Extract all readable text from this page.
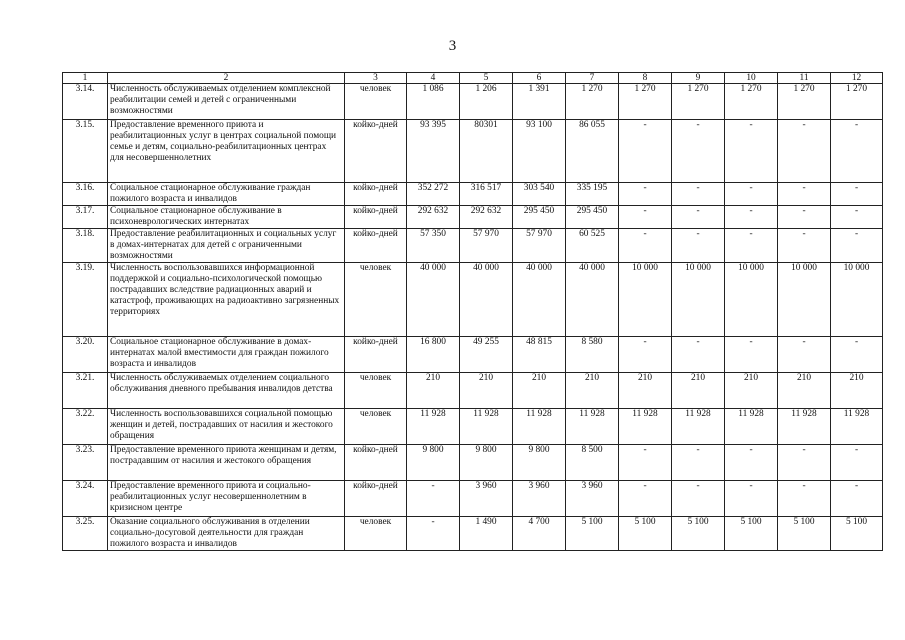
3
1	2	3	4	5	6	7	8	9	10	11	12
3.14.	Численность обслуживаемых отделением комплексной реабилитации семей и детей с ограниченными возможностями	человек	1 086	1 206	1 391	1 270	1 270	1 270	1 270	1 270	1 270
3.15.	Предоставление временного приюта и реабилитационных услуг в центрах социальной помощи семье и детям, социально-реабилитационных центрах для несовершеннолетних	койко-дней	93 395	80301	93 100	86 055	-	-	-	-	-
3.16.	Социальное стационарное обслуживание граждан пожилого возраста и инвалидов	койко-дней	352 272	316 517	303 540	335 195	-	-	-	-	-
3.17.	Социальное стационарное обслуживание в психоневрологических интернатах	койко-дней	292 632	292 632	295 450	295 450	-	-	-	-	-
3.18.	Предоставление реабилитационных и социальных услуг в домах-интернатах для детей с ограниченными возможностями	койко-дней	57 350	57 970	57 970	60 525	-	-	-	-	-
3.19.	Численность воспользовавшихся информационной поддержкой и социально-психологической помощью пострадавших вследствие радиационных аварий и катастроф, проживающих на радиоактивно загрязненных территориях	человек	40 000	40 000	40 000	40 000	10 000	10 000	10 000	10 000	10 000
3.20.	Социальное стационарное обслуживание в домах-интернатах малой вместимости для граждан пожилого возраста и инвалидов	койко-дней	16 800	49 255	48 815	8 580	-	-	-	-	-
3.21.	Численность обслуживаемых отделением социального обслуживания дневного пребывания инвалидов детства	человек	210	210	210	210	210	210	210	210	210
3.22.	Численность воспользовавшихся социальной помощью женщин и детей, пострадавших от насилия и жестокого обращения	человек	11 928	11 928	11 928	11 928	11 928	11 928	11 928	11 928	11 928
3.23.	Предоставление временного приюта женщинам и детям, пострадавшим от насилия и жестокого обращения	койко-дней	9 800	9 800	9 800	8 500	-	-	-	-	-
3.24.	Предоставление временного приюта и социально-реабилитационных услуг несовершеннолетним в кризисном центре	койко-дней	-	3 960	3 960	3 960	-	-	-	-	-
3.25.	Оказание социального обслуживания в отделении социально-досуговой деятельности для граждан пожилого возраста и инвалидов	человек	-	1 490	4 700	5 100	5 100	5 100	5 100	5 100	5 100
